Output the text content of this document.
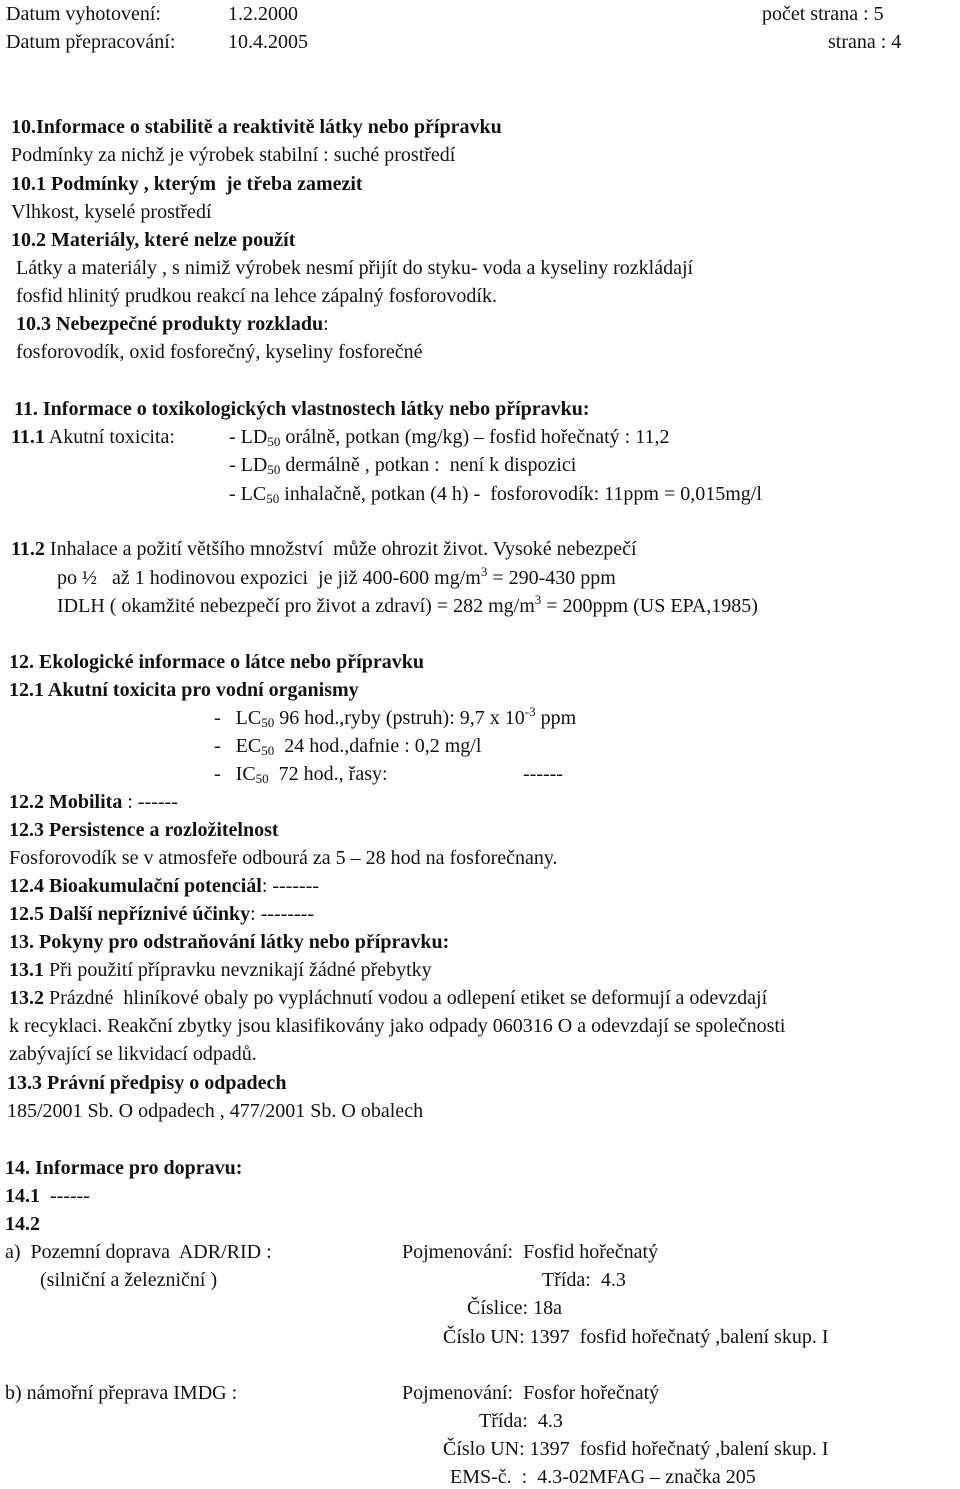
Datum vyhotovení:	1.2.2000	počet strana : 5
Datum přepracování:	10.4.2005	strana : 4
10.Informace o stabilitě a reaktivitě látky nebo přípravku
Podmínky za nichž je výrobek stabilní : suché prostředí
10.1 Podmínky , kterým  je třeba zamezit
Vlhkost, kyselé prostředí
10.2 Materiály, které nelze použít
Látky a materiály , s nimiž výrobek nesmí přijít do styku- voda a kyseliny rozkládají
fosfid hlinitý prudkou reakcí na lehce zápalný fosforovodík.
10.3 Nebezpečné produkty rozkladu:
fosforovodík, oxid fosforečný, kyseliny fosforečné
11. Informace o toxikologických vlastnostech látky nebo přípravku:
11.1 Akutní toxicita:	- $LD_{50}$ orálně, potkan (mg/kg) – fosfid hořečnatý : 11,2
- $LD_{50}$ dermálně , potkan :  není k dispozici
- $LC_{50}$ inhalačně, potkan (4 h) -  fosforovodík: 11ppm = 0,015mg/l
11.2 Inhalace a požití většího množství  může ohrozit život. Vysoké nebezpečí
po ½   až 1 hodinovou expozici  je již 400-600 $mg/m^3 = 290-430$ ppm
IDLH ( okamžité nebezpečí pro život a zdraví) = 282 $mg/m^3 = 200ppm$ (US EPA,1985)
12. Ekologické informace o látce nebo přípravku
12.1 Akutní toxicita pro vodní organismy
-   $LC_{50}$ 96 hod.,ryby (pstruh): 9,7 x $10^{-3}$ ppm
-   $EC_{50}$  24 hod.,dafnie : 0,2 mg/l
-   $IC_{50}$  72 hod., řasy:	------
12.2 Mobilita : ------
12.3 Persistence a rozložitelnost
Fosforovodík se v atmosfeře odbourá za 5 – 28 hod na fosforečnany.
12.4 Bioakumulační potenciál: -------
12.5 Další nepříznivé účinky: --------
13. Pokyny pro odstraňování látky nebo přípravku:
13.1 Při použití přípravku nevznikají žádné přebytky
13.2 Prázdné  hliníkové obaly po vypláchnutí vodou a odlepení etiket se deformují a odevzdají
k recyklaci. Reakční zbytky jsou klasifikovány jako odpady 060316 O a odevzdají se společnosti
zabývající se likvidací odpadů.
13.3 Právní předpisy o odpadech
185/2001 Sb. O odpadech , 477/2001 Sb. O obalech
14. Informace pro dopravu:
14.1  ------
14.2
a)  Pozemní doprava  ADR/RID :	Pojmenování:  Fosfid hořečnatý
(silniční a železniční )	Třída:  4.3
Číslice: 18a
Číslo UN: 1397  fosfid hořečnatý ,balení skup. I
b) námořní přeprava IMDG :	Pojmenování:  Fosfor hořečnatý
Třída:  4.3
Číslo UN: 1397  fosfid hořečnatý ,balení skup. I
EMS-č.  :  4.3-02MFAG – značka 205
